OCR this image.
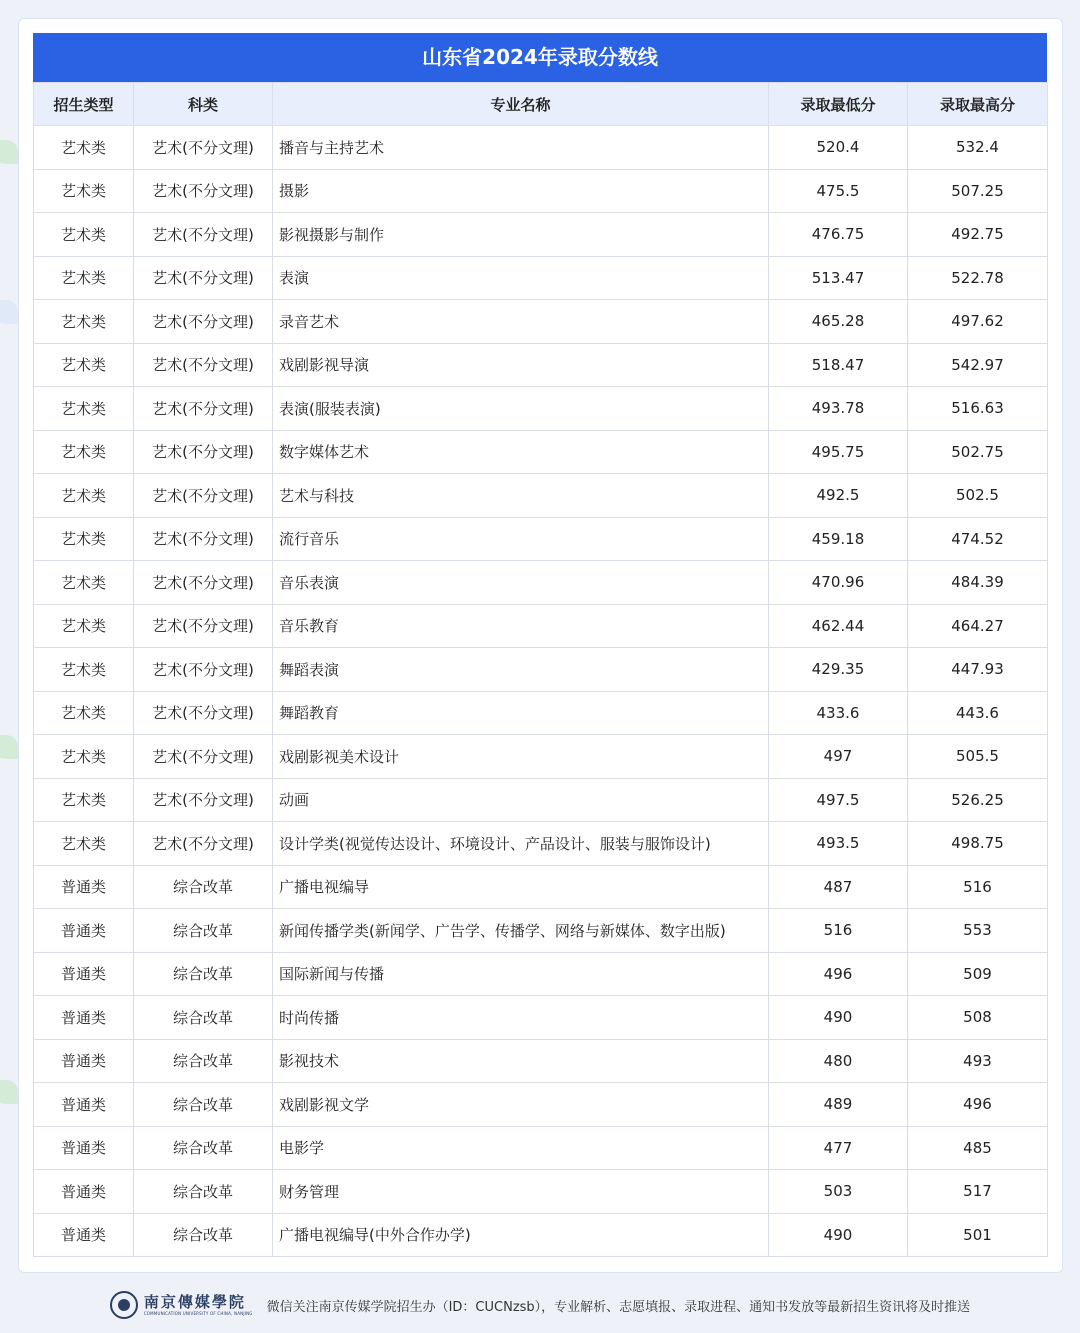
山东省2024年录取分数线
招生类型	科类	专业名称	录取最低分	录取最高分
艺术类	艺术(不分文理)	播音与主持艺术	520.4	532.4
艺术类	艺术(不分文理)	摄影	475.5	507.25
艺术类	艺术(不分文理)	影视摄影与制作	476.75	492.75
艺术类	艺术(不分文理)	表演	513.47	522.78
艺术类	艺术(不分文理)	录音艺术	465.28	497.62
艺术类	艺术(不分文理)	戏剧影视导演	518.47	542.97
艺术类	艺术(不分文理)	表演(服装表演)	493.78	516.63
艺术类	艺术(不分文理)	数字媒体艺术	495.75	502.75
艺术类	艺术(不分文理)	艺术与科技	492.5	502.5
艺术类	艺术(不分文理)	流行音乐	459.18	474.52
艺术类	艺术(不分文理)	音乐表演	470.96	484.39
艺术类	艺术(不分文理)	音乐教育	462.44	464.27
艺术类	艺术(不分文理)	舞蹈表演	429.35	447.93
艺术类	艺术(不分文理)	舞蹈教育	433.6	443.6
艺术类	艺术(不分文理)	戏剧影视美术设计	497	505.5
艺术类	艺术(不分文理)	动画	497.5	526.25
艺术类	艺术(不分文理)	设计学类(视觉传达设计、环境设计、产品设计、服装与服饰设计)	493.5	498.75
普通类	综合改革	广播电视编导	487	516
普通类	综合改革	新闻传播学类(新闻学、广告学、传播学、网络与新媒体、数字出版)	516	553
普通类	综合改革	国际新闻与传播	496	509
普通类	综合改革	时尚传播	490	508
普通类	综合改革	影视技术	480	493
普通类	综合改革	戏剧影视文学	489	496
普通类	综合改革	电影学	477	485
普通类	综合改革	财务管理	503	517
普通类	综合改革	广播电视编导(中外合作办学)	490	501
南京傳媒學院
COMMUNICATION UNIVERSITY OF CHINA, NANJING 微信关注南京传媒学院招生办（ID：CUCNzsb），专业解析、志愿填报、录取进程、通知书发放等最新招生资讯将及时推送
